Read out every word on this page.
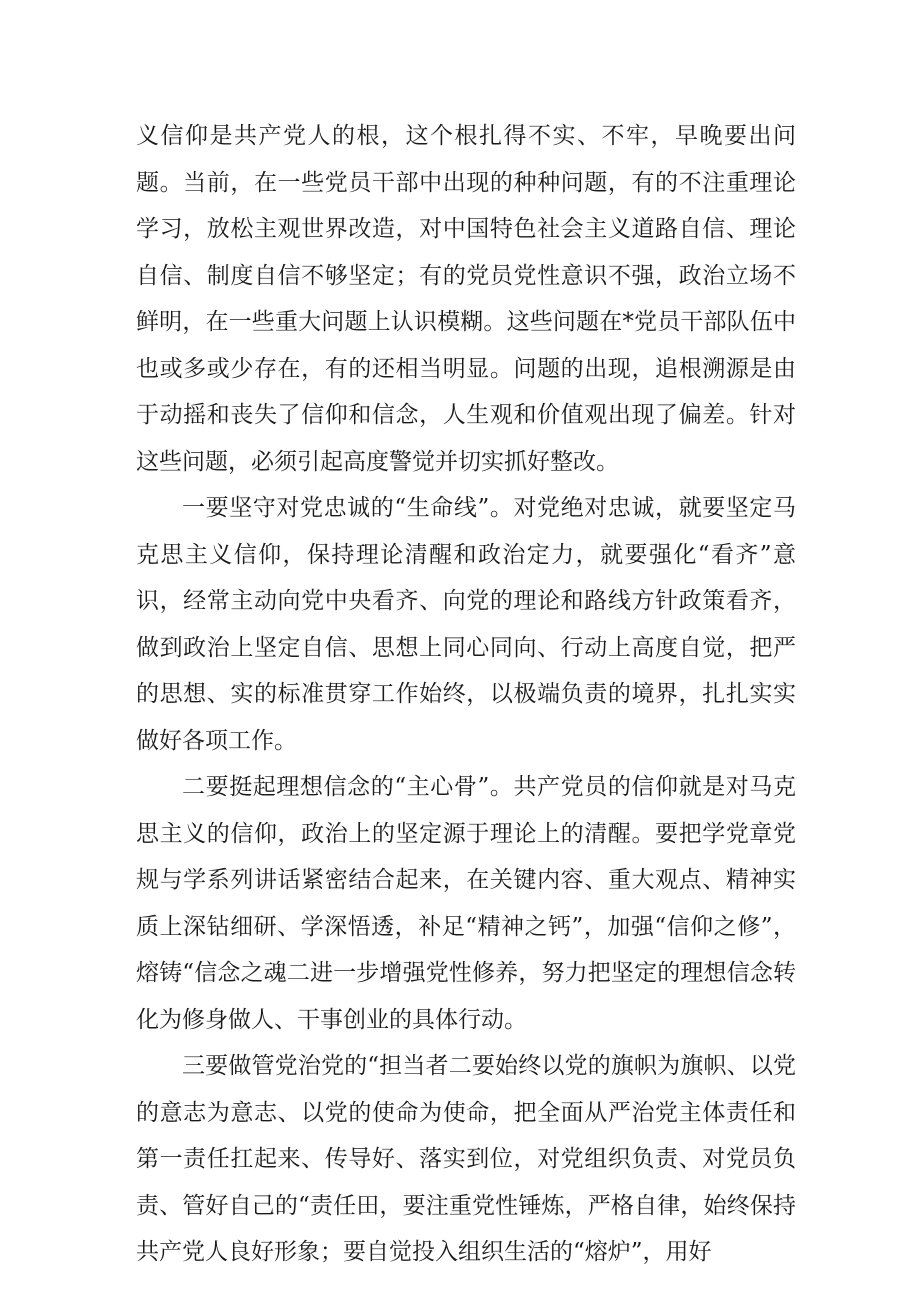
义信仰是共产党人的根，这个根扎得不实、不牢，早晚要出问题。当前，在一些党员干部中出现的种种问题，有的不注重理论学习，放松主观世界改造，对中国特色社会主义道路自信、理论自信、制度自信不够坚定；有的党员党性意识不强，政治立场不鲜明，在一些重大问题上认识模糊。这些问题在*党员干部队伍中也或多或少存在，有的还相当明显。问题的出现，追根溯源是由于动摇和丧失了信仰和信念，人生观和价值观出现了偏差。针对这些问题，必须引起高度警觉并切实抓好整改。

一要坚守对党忠诚的“生命线”。对党绝对忠诚，就要坚定马克思主义信仰，保持理论清醒和政治定力，就要强化“看齐”意识，经常主动向党中央看齐、向党的理论和路线方针政策看齐，做到政治上坚定自信、思想上同心同向、行动上高度自觉，把严的思想、实的标准贯穿工作始终，以极端负责的境界，扎扎实实做好各项工作。

二要挺起理想信念的“主心骨”。共产党员的信仰就是对马克思主义的信仰，政治上的坚定源于理论上的清醒。要把学党章党规与学系列讲话紧密结合起来，在关键内容、重大观点、精神实质上深钻细研、学深悟透，补足“精神之钙”，加强“信仰之修”，熔铸“信念之魂二进一步增强党性修养，努力把坚定的理想信念转化为修身做人、干事创业的具体行动。

三要做管党治党的“担当者二要始终以党的旗帜为旗帜、以党的意志为意志、以党的使命为使命，把全面从严治党主体责任和第一责任扛起来、传导好、落实到位，对党组织负责、对党员负责、管好自己的“责任田，要注重党性锤炼，严格自律，始终保持共产党人良好形象；要自觉投入组织生活的“熔炉”，用好
